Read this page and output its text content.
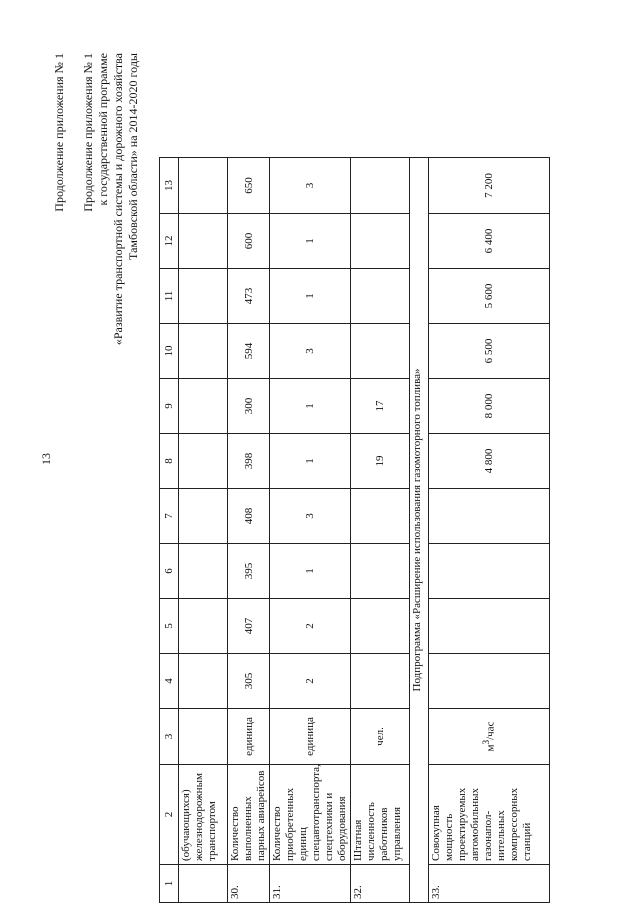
13
Продолжение приложения № 1 Продолжение приложения № 1 к государственной программе «Развитие транспортной системы и дорожного хозяйства Тамбовской области» на 2014-2020 годы
1	2	3	4	5	6	7	8	9	10	11	12	13
	(обучающихся) железнодорожным транспортом											
30.	Количество выполненных парных авиарейсов	единица	305	407	395	408	398	300	594	473	600	650
31.	Количество приобретенных единиц спецавтотранспорта, спецтехники и оборудования	единица	2	2	1	3	1	1	3	1	1	3
32.	Штатная численность работников управления	чел.					19	17				
Подпрограмма «Расширение использования газомоторного топлива»												
33.	Совокупная мощность проектируемых автомобильных газонапол-нительных компрессорных станций	$м^3$/час					4 800	8 000	6 500	5 600	6 400	7 200
